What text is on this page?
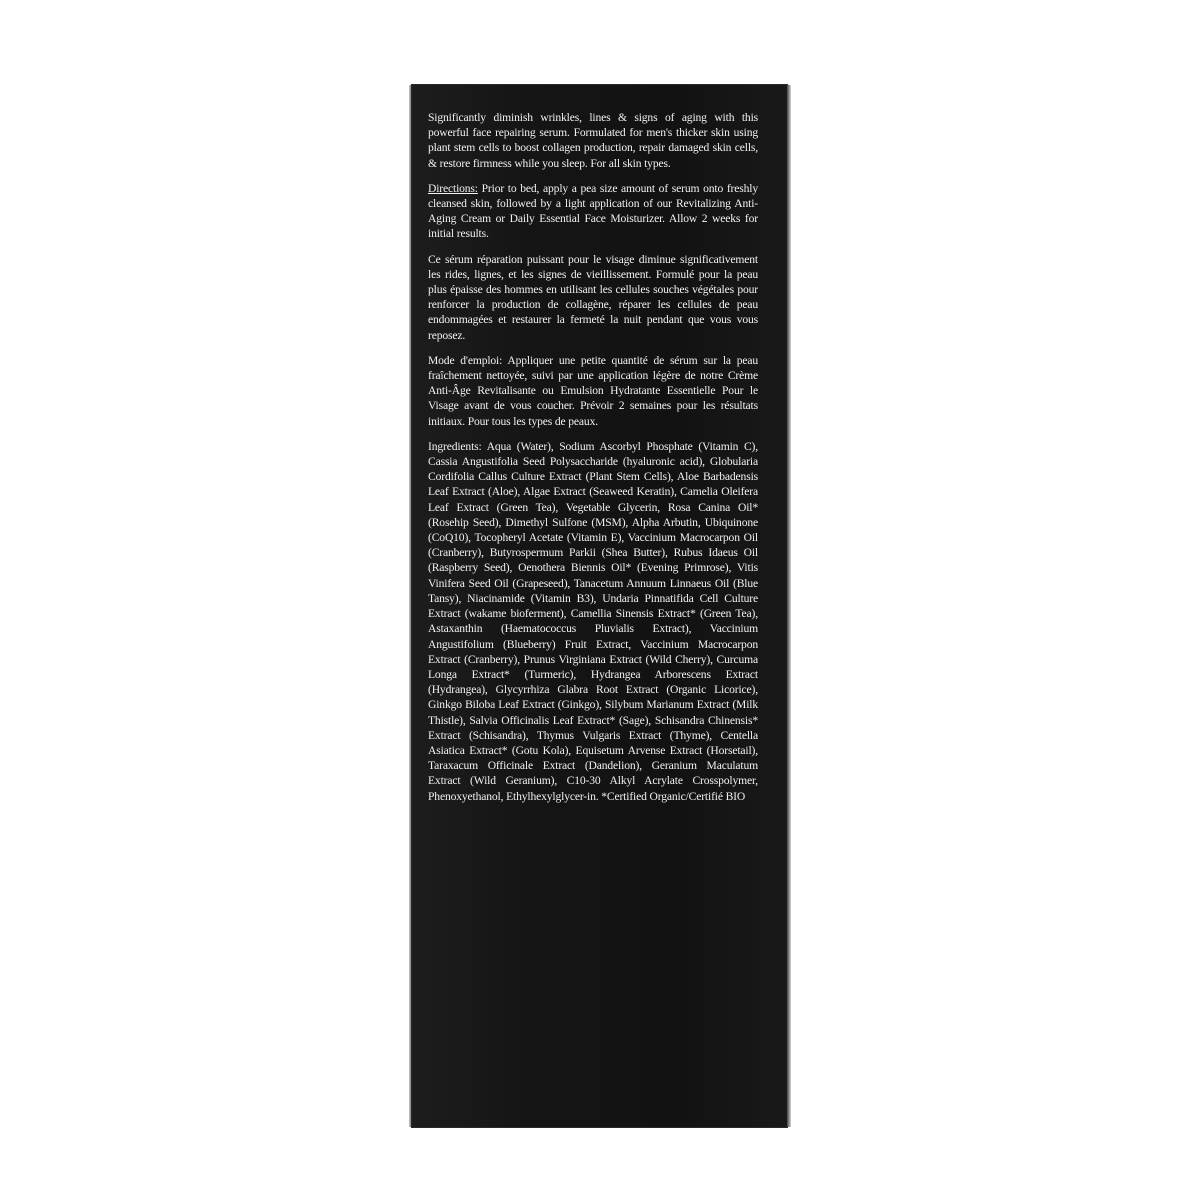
Significantly diminish wrinkles, lines & signs of aging with this powerful face repairing serum. Formulated for men's thicker skin using plant stem cells to boost collagen production, repair damaged skin cells, & restore firmness while you sleep. For all skin types.

Directions: Prior to bed, apply a pea size amount of serum onto freshly cleansed skin, followed by a light application of our Revitalizing Anti-Aging Cream or Daily Essential Face Moisturizer. Allow 2 weeks for initial results.

Ce sérum réparation puissant pour le visage diminue significativement les rides, lignes, et les signes de vieillissement. Formulé pour la peau plus épaisse des hommes en utilisant les cellules souches végétales pour renforcer la production de collagène, réparer les cellules de peau endommagées et restaurer la fermeté la nuit pendant que vous vous reposez.

Mode d'emploi: Appliquer une petite quantité de sérum sur la peau fraîchement nettoyée, suivi par une application légère de notre Crème Anti-Âge Revitalisante ou Emulsion Hydratante Essentielle Pour le Visage avant de vous coucher. Prévoir 2 semaines pour les résultats initiaux. Pour tous les types de peaux.

Ingredients: Aqua (Water), Sodium Ascorbyl Phosphate (Vitamin C), Cassia Angustifolia Seed Polysaccharide (hyaluronic acid), Globularia Cordifolia Callus Culture Extract (Plant Stem Cells), Aloe Barbadensis Leaf Extract (Aloe), Algae Extract (Seaweed Keratin), Camelia Oleifera Leaf Extract (Green Tea), Vegetable Glycerin, Rosa Canina Oil* (Rosehip Seed), Dimethyl Sulfone (MSM), Alpha Arbutin, Ubiquinone (CoQ10), Tocopheryl Acetate (Vitamin E), Vaccinium Macrocarpon Oil (Cranberry), Butyrospermum Parkii (Shea Butter), Rubus Idaeus Oil (Raspberry Seed), Oenothera Biennis Oil* (Evening Primrose), Vitis Vinifera Seed Oil (Grapeseed), Tanacetum Annuum Linnaeus Oil (Blue Tansy), Niacinamide (Vitamin B3), Undaria Pinnatifida Cell Culture Extract (wakame bioferment), Camellia Sinensis Extract* (Green Tea), Astaxanthin (Haematococcus Pluvialis Extract), Vaccinium Angustifolium (Blueberry) Fruit Extract, Vaccinium Macrocarpon Extract (Cranberry), Prunus Virginiana Extract (Wild Cherry), Curcuma Longa Extract* (Turmeric), Hydrangea Arborescens Extract (Hydrangea), Glycyrrhiza Glabra Root Extract (Organic Licorice), Ginkgo Biloba Leaf Extract (Ginkgo), Silybum Marianum Extract (Milk Thistle), Salvia Officinalis Leaf Extract* (Sage), Schisandra Chinensis* Extract (Schisandra), Thymus Vulgaris Extract (Thyme), Centella Asiatica Extract* (Gotu Kola), Equisetum Arvense Extract (Horsetail), Taraxacum Officinale Extract (Dandelion), Geranium Maculatum Extract (Wild Geranium), C10-30 Alkyl Acrylate Crosspolymer, Phenoxyethanol, Ethylhexylglycer-in. *Certified Organic/Certifié BIO
